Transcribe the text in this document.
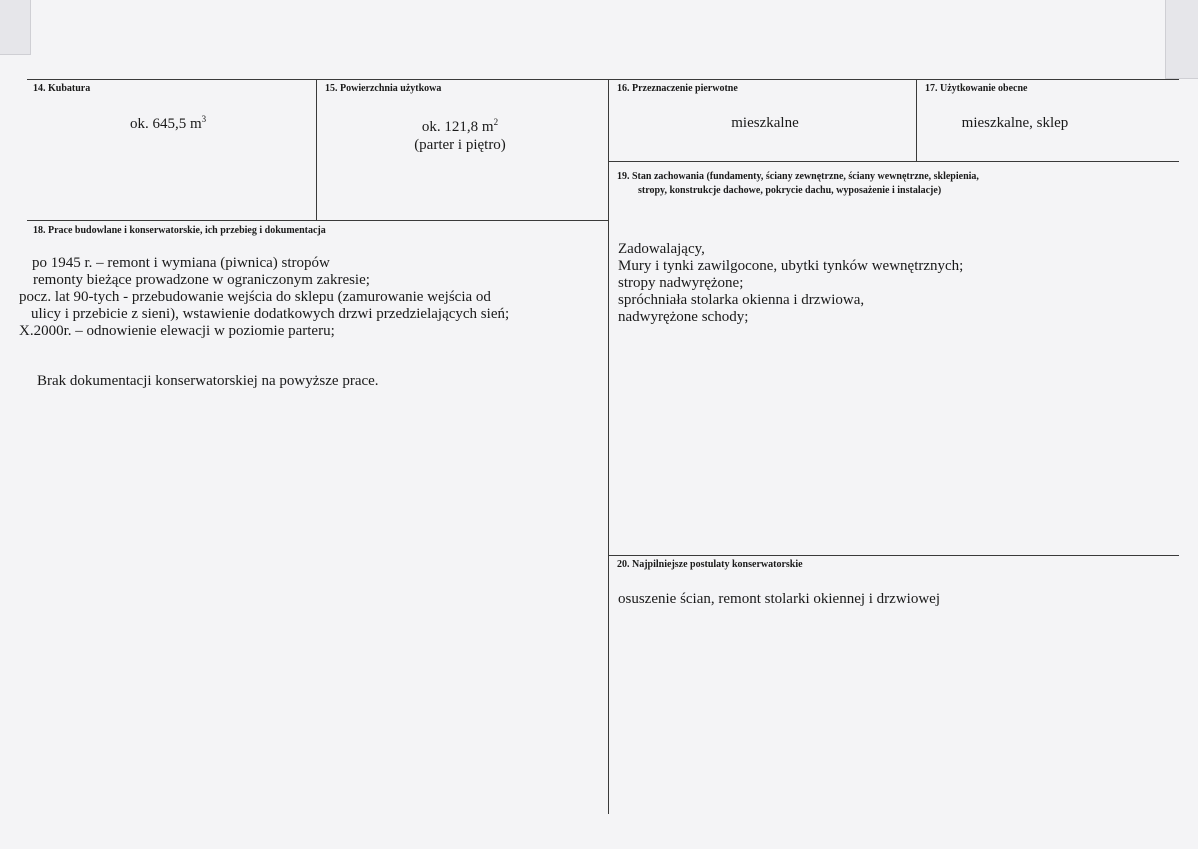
14. Kubatura
ok. 645,5 $m^3$
15. Powierzchnia użytkowa
ok. 121,8 $m^2$
(parter i piętro)
16. Przeznaczenie pierwotne
mieszkalne
17. Użytkowanie obecne
mieszkalne, sklep
19. Stan zachowania (fundamenty, ściany zewnętrzne, ściany wewnętrzne, sklepienia,
stropy, konstrukcje dachowe, pokrycie dachu, wyposażenie i instalacje)
Zadowalający,
Mury i tynki zawilgocone, ubytki tynków wewnętrznych;
stropy nadwyrężone;
spróchniała stolarka okienna i drzwiowa,
nadwyrężone schody;
18. Prace budowlane i konserwatorskie, ich przebieg i dokumentacja
po 1945 r. – remont i wymiana (piwnica) stropów
remonty bieżące prowadzone w ograniczonym zakresie;
pocz. lat 90-tych - przebudowanie wejścia do sklepu (zamurowanie wejścia od
ulicy i przebicie z sieni), wstawienie dodatkowych drzwi przedzielających sień;
X.2000r. – odnowienie elewacji w poziomie parteru;
Brak dokumentacji konserwatorskiej na powyższe prace.
20. Najpilniejsze postulaty konserwatorskie
osuszenie ścian, remont stolarki okiennej i drzwiowej
